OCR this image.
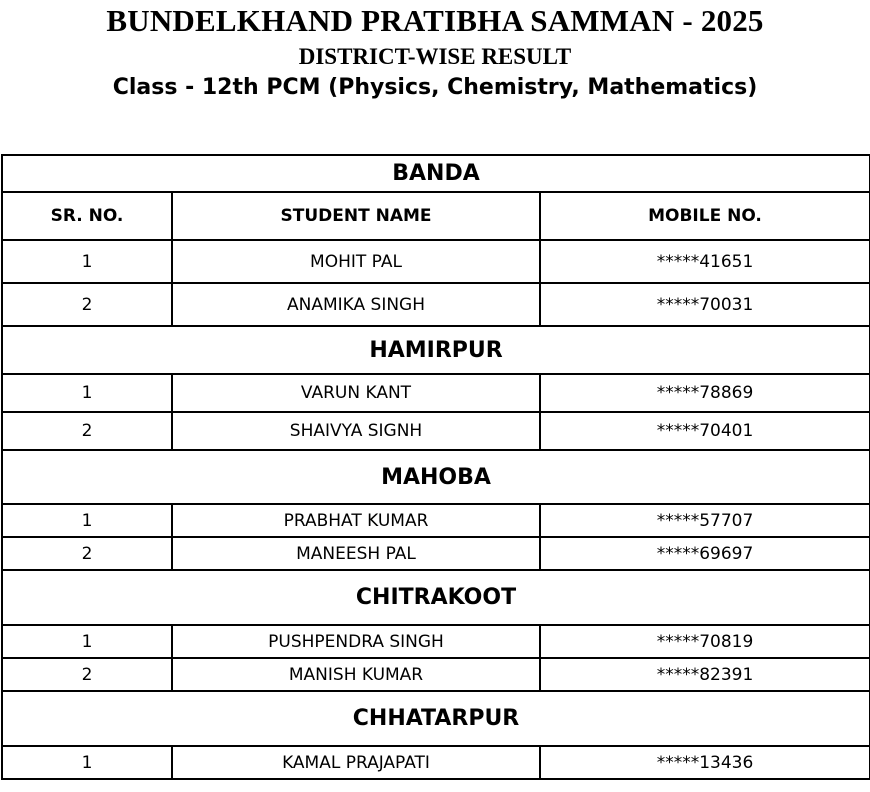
BUNDELKHAND PRATIBHA SAMMAN - 2025
DISTRICT-WISE RESULT
Class - 12th PCM (Physics, Chemistry, Mathematics)
BANDA		
SR. NO.	STUDENT NAME	MOBILE NO.
1	MOHIT PAL	*****41651
2	ANAMIKA SINGH	*****70031
HAMIRPUR		
1	VARUN KANT	*****78869
2	SHAIVYA SIGNH	*****70401
MAHOBA		
1	PRABHAT KUMAR	*****57707
2	MANEESH PAL	*****69697
CHITRAKOOT		
1	PUSHPENDRA SINGH	*****70819
2	MANISH KUMAR	*****82391
CHHATARPUR		
1	KAMAL PRAJAPATI	*****13436
